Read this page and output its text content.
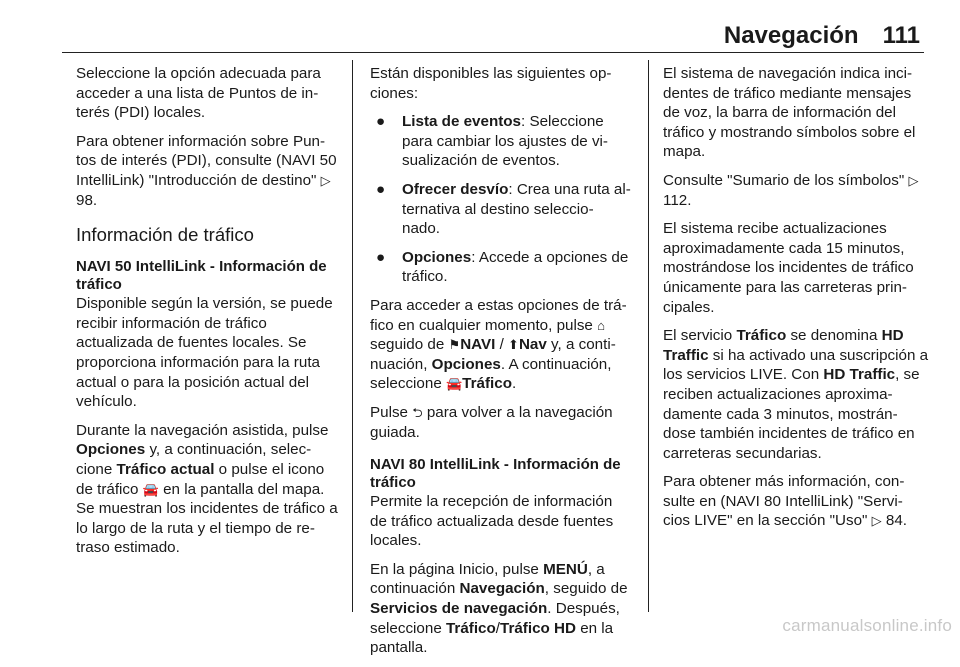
Navegación 111

Seleccione la opción adecuada para acceder a una lista de Puntos de in- terés (PDI) locales.

Para obtener información sobre Pun- tos de interés (PDI), consulte (NAVI 50 IntelliLink) "Introducción de destino" ▷ 98.

Información de tráfico

NAVI 50 IntelliLink - Información de tráfico

Disponible según la versión, se puede recibir información de tráfico actualizada de fuentes locales. Se proporciona información para la ruta actual o para la posición actual del vehículo.

Durante la navegación asistida, pulse Opciones y, a continuación, selec- cione Tráfico actual o pulse el icono de tráfico 🚘 en la pantalla del mapa. Se muestran los incidentes de tráfico a lo largo de la ruta y el tiempo de re- traso estimado.

Están disponibles las siguientes op- ciones:

● Lista de eventos: Seleccione para cambiar los ajustes de vi- sualización de eventos.
● Ofrecer desvío: Crea una ruta al- ternativa al destino seleccio- nado.
● Opciones: Accede a opciones de tráfico.

Para acceder a estas opciones de trá- fico en cualquier momento, pulse ⌂ seguido de ⚑NAVI / ⬆Nav y, a conti- nuación, Opciones. A continuación, seleccione 🚘Tráfico.

Pulse ⮌ para volver a la navegación guiada.

NAVI 80 IntelliLink - Información de tráfico

Permite la recepción de información de tráfico actualizada desde fuentes locales.

En la página Inicio, pulse MENÚ, a continuación Navegación, seguido de Servicios de navegación. Después, seleccione Tráfico/Tráfico HD en la pantalla.

El sistema de navegación indica inci- dentes de tráfico mediante mensajes de voz, la barra de información del tráfico y mostrando símbolos sobre el mapa.

Consulte "Sumario de los símbolos" ▷ 112.

El sistema recibe actualizaciones aproximadamente cada 15 minutos, mostrándose los incidentes de tráfico únicamente para las carreteras prin- cipales.

El servicio Tráfico se denomina HD Traffic si ha activado una suscripción a los servicios LIVE. Con HD Traffic, se reciben actualizaciones aproxima- damente cada 3 minutos, mostrán- dose también incidentes de tráfico en carreteras secundarias.

Para obtener más información, con- sulte en (NAVI 80 IntelliLink) "Servi- cios LIVE" en la sección "Uso" ▷ 84.

carmanualsonline.info
